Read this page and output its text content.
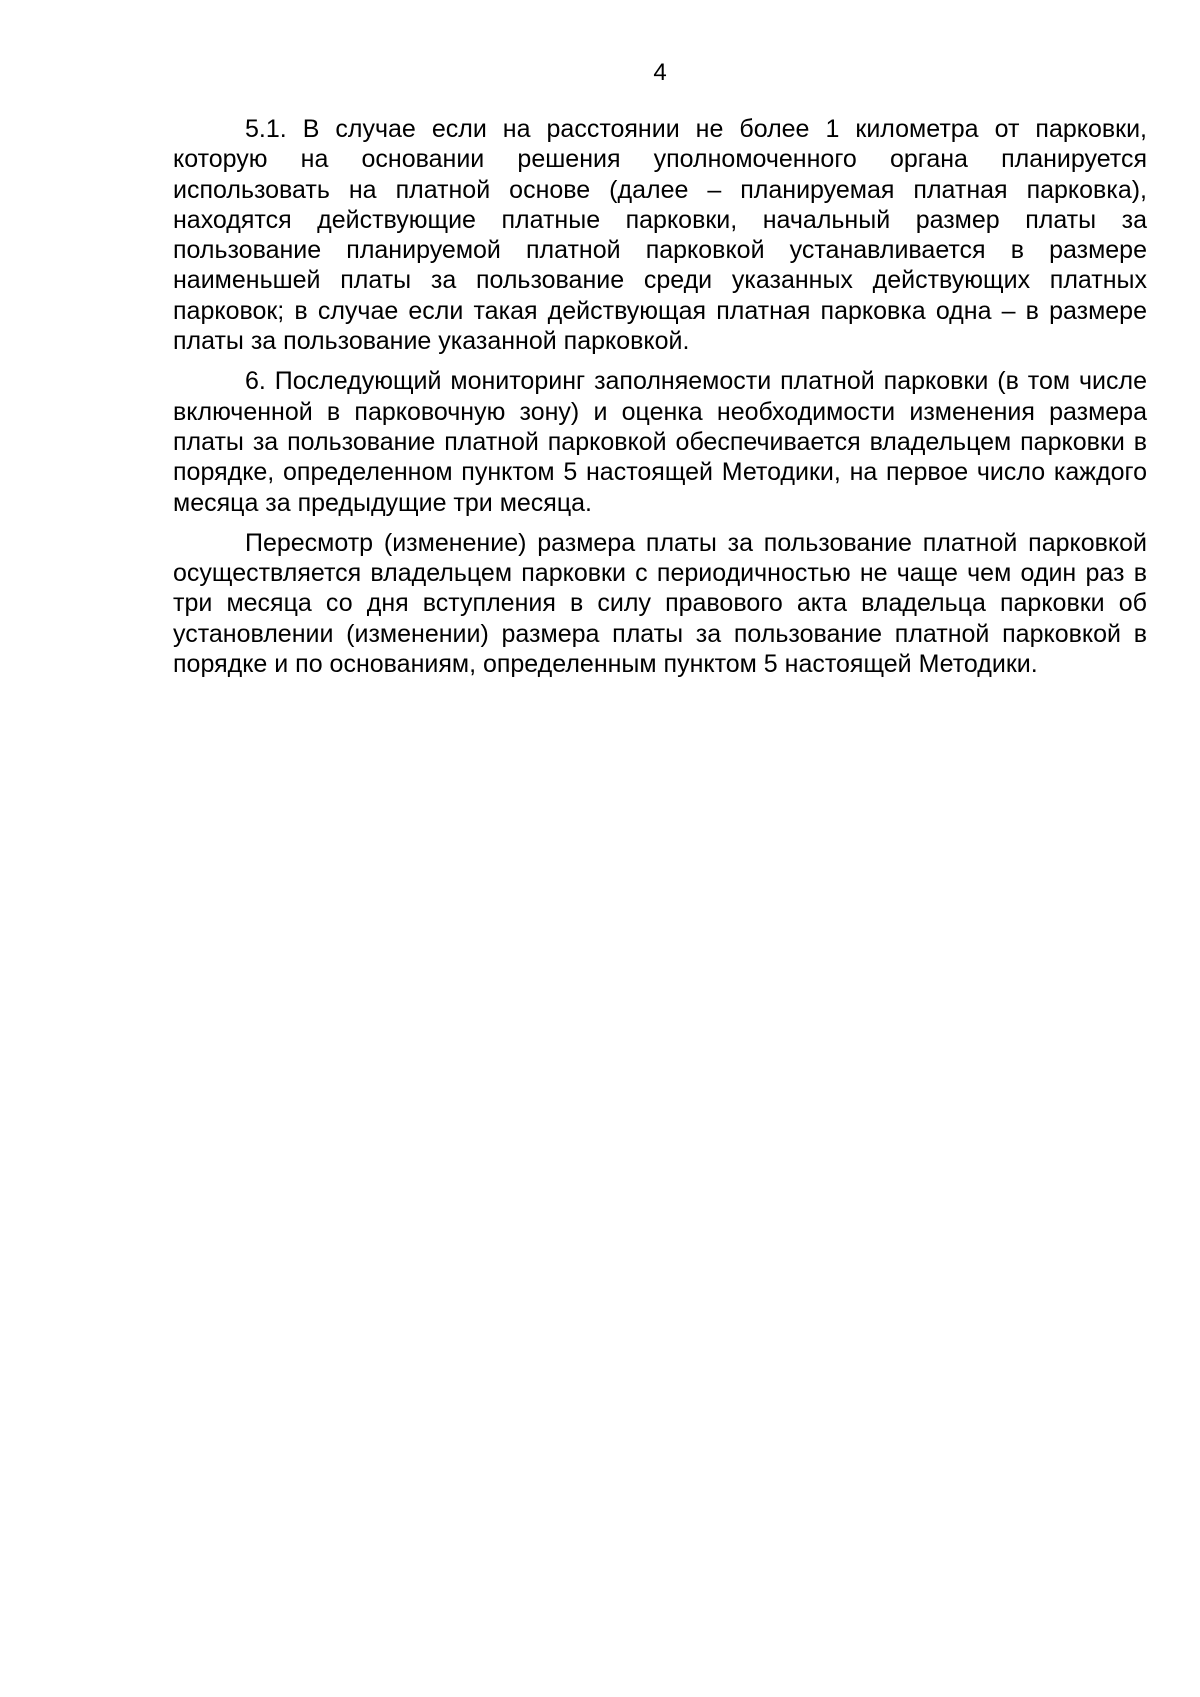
4

5.1. В случае если на расстоянии не более 1 километра от парковки, которую на основании решения уполномоченного органа планируется использовать на платной основе (далее – планируемая платная парковка), находятся действующие платные парковки, начальный размер платы за пользование планируемой платной парковкой устанавливается в размере наименьшей платы за пользование среди указанных действующих платных парковок; в случае если такая действующая платная парковка одна – в размере платы за пользование указанной парковкой.

6. Последующий мониторинг заполняемости платной парковки (в том числе включенной в парковочную зону) и оценка необходимости изменения размера платы за пользование платной парковкой обеспечивается владельцем парковки в порядке, определенном пунктом 5 настоящей Методики, на первое число каждого месяца за предыдущие три месяца.

Пересмотр (изменение) размера платы за пользование платной парковкой осуществляется владельцем парковки с периодичностью не чаще чем один раз в три месяца со дня вступления в силу правового акта владельца парковки об установлении (изменении) размера платы за пользование платной парковкой в порядке и по основаниям, определенным пунктом 5 настоящей Методики.
